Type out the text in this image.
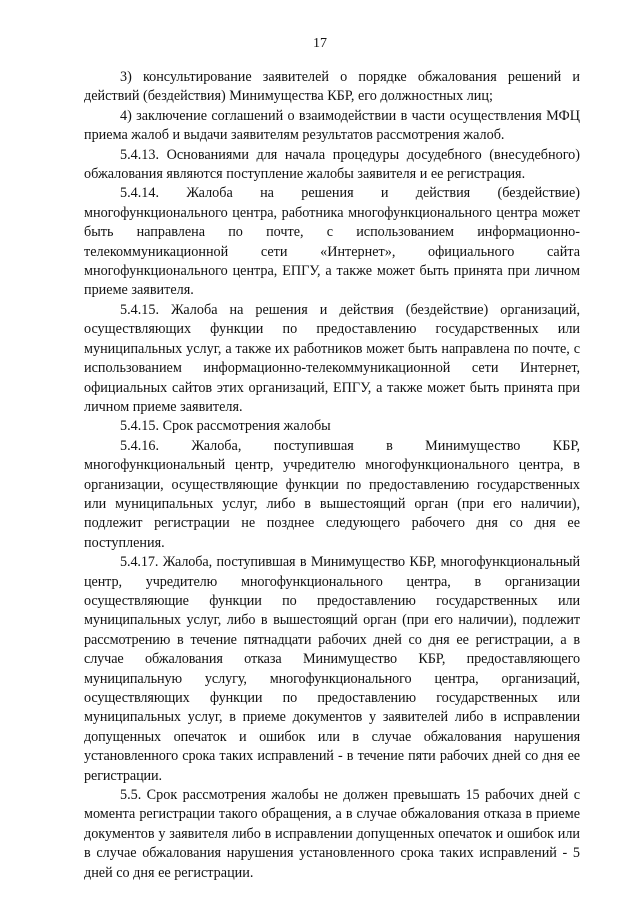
17

3) консультирование заявителей о порядке обжалования решений и действий (бездействия) Минимущества КБР, его должностных лиц;

4) заключение соглашений о взаимодействии в части осуществления МФЦ приема жалоб и выдачи заявителям результатов рассмотрения жалоб.

5.4.13. Основаниями для начала процедуры досудебного (внесудебного) обжалования являются поступление жалобы заявителя и ее регистрация.

5.4.14. Жалоба на решения и действия (бездействие) многофункционального центра, работника многофункционального центра может быть направлена по почте, с использованием информационно-телекоммуникационной сети «Интернет», официального сайта многофункционального центра, ЕПГУ, а также может быть принята при личном приеме заявителя.

5.4.15. Жалоба на решения и действия (бездействие) организаций, осуществляющих функции по предоставлению государственных или муниципальных услуг, а также их работников может быть направлена по почте, с использованием информационно-телекоммуникационной сети Интернет, официальных сайтов этих организаций, ЕПГУ, а также может быть принята при личном приеме заявителя.

5.4.15. Срок рассмотрения жалобы

5.4.16. Жалоба, поступившая в Минимущество КБР, многофункциональный центр, учредителю многофункционального центра, в организации, осуществляющие функции по предоставлению государственных или муниципальных услуг, либо в вышестоящий орган (при его наличии), подлежит регистрации не позднее следующего рабочего дня со дня ее поступления.

5.4.17. Жалоба, поступившая в Минимущество КБР, многофункциональный центр, учредителю многофункционального центра, в организации осуществляющие функции по предоставлению государственных или муниципальных услуг, либо в вышестоящий орган (при его наличии), подлежит рассмотрению в течение пятнадцати рабочих дней со дня ее регистрации, а в случае обжалования отказа Минимущество КБР, предоставляющего муниципальную услугу, многофункционального центра, организаций, осуществляющих функции по предоставлению государственных или муниципальных услуг, в приеме документов у заявителей либо в исправлении допущенных опечаток и ошибок или в случае обжалования нарушения установленного срока таких исправлений - в течение пяти рабочих дней со дня ее регистрации.

5.5. Срок рассмотрения жалобы не должен превышать 15 рабочих дней с момента регистрации такого обращения, а в случае обжалования отказа в приеме документов у заявителя либо в исправлении допущенных опечаток и ошибок или в случае обжалования нарушения установленного срока таких исправлений - 5 дней со дня ее регистрации.
